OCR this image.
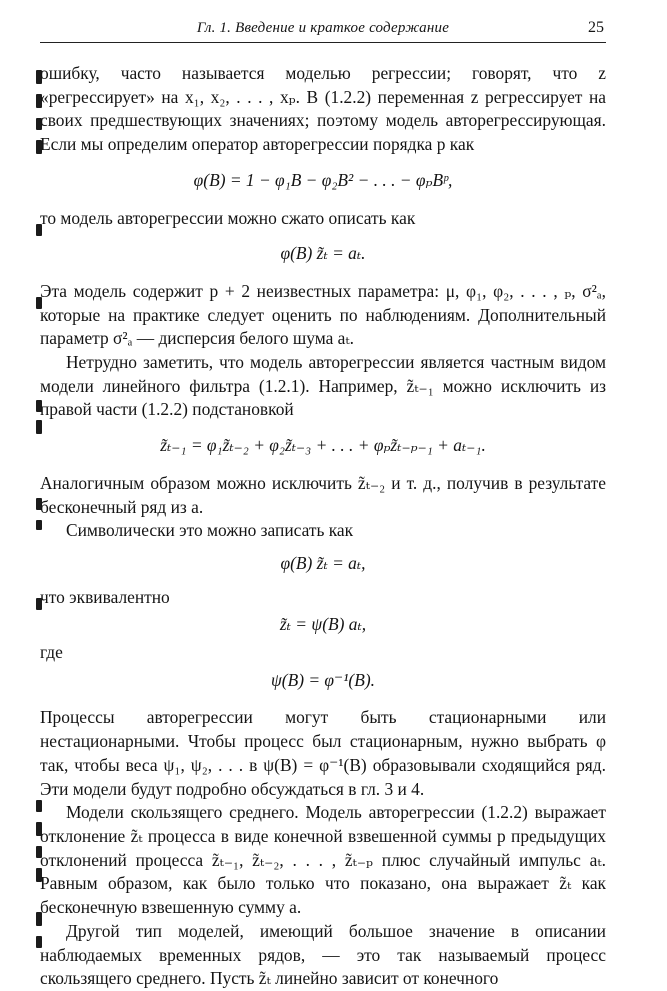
Гл. 1. Введение и краткое содержание	25

ошибку, часто называется моделью регрессии; говорят, что z «регрессирует» на x₁, x₂, . . . , xₚ. В (1.2.2) переменная z регрессирует на своих предшествующих значениях; поэтому модель авторегрессирующая. Если мы определим оператор авторегрессии порядка p как

φ(B) = 1 − φ₁B − φ₂B² − . . . − φₚBᵖ,

то модель авторегрессии можно сжато описать как

φ(B) z̃ₜ = aₜ.

Эта модель содержит p + 2 неизвестных параметра: μ, φ₁, φ₂, . . . , ₚ, σ²ₐ, которые на практике следует оценить по наблюдениям. Дополнительный параметр σ²ₐ — дисперсия белого шума aₜ.

Нетрудно заметить, что модель авторегрессии является частным видом модели линейного фильтра (1.2.1). Например, z̃ₜ₋₁ можно исключить из правой части (1.2.2) подстановкой

z̃ₜ₋₁ = φ₁z̃ₜ₋₂ + φ₂z̃ₜ₋₃ + . . . + φₚz̃ₜ₋ₚ₋₁ + aₜ₋₁.

Аналогичным образом можно исключить z̃ₜ₋₂ и т. д., получив в результате бесконечный ряд из a.

Символически это можно записать как

φ(B) z̃ₜ = aₜ,

что эквивалентно

z̃ₜ = ψ(B) aₜ,

где

ψ(B) = φ⁻¹(B).

Процессы авторегрессии могут быть стационарными или нестационарными. Чтобы процесс был стационарным, нужно выбрать φ так, чтобы веса ψ₁, ψ₂, . . . в ψ(B) = φ⁻¹(B) образовывали сходящийся ряд. Эти модели будут подробно обсуждаться в гл. 3 и 4.

Модели скользящего среднего. Модель авторегрессии (1.2.2) выражает отклонение z̃ₜ процесса в виде конечной взвешенной суммы p предыдущих отклонений процесса z̃ₜ₋₁, z̃ₜ₋₂, . . . , z̃ₜ₋ₚ плюс случайный импульс aₜ. Равным образом, как было только что показано, она выражает z̃ₜ как бесконечную взвешенную сумму a.

Другой тип моделей, имеющий большое значение в описании наблюдаемых временных рядов, — это так называемый процесс скользящего среднего. Пусть z̃ₜ линейно зависит от конечного
